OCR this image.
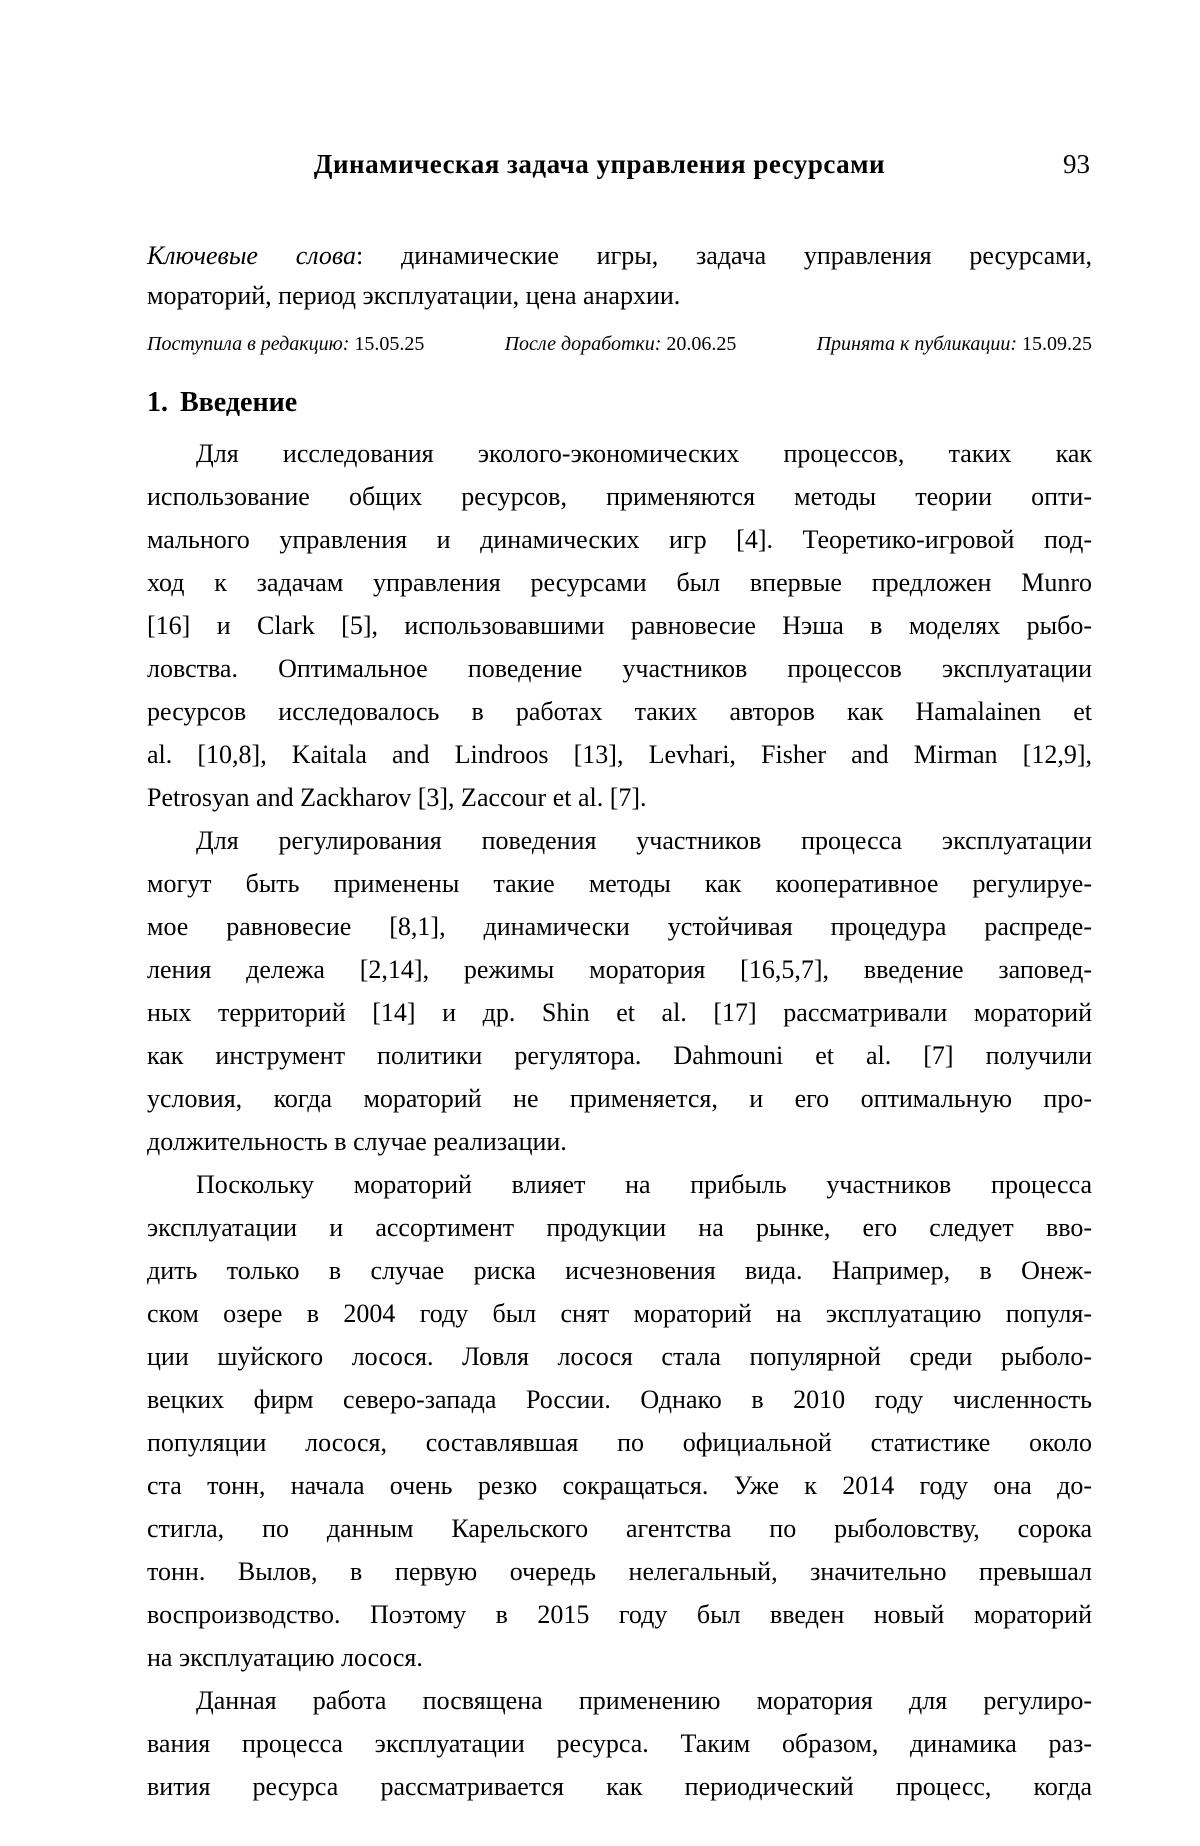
Динамическая задача управления ресурсами	93
Ключевые слова: динамические игры, задача управления ресурсами,
мораторий, период эксплуатации, цена анархии.
Поступила в редакцию: 15.05.25	После доработки: 20.06.25	Принята к публикации: 15.09.25
1. Введение
Для исследования эколого-экономических процессов, таких как
использование общих ресурсов, применяются методы теории опти-
мального управления и динамических игр [4]. Теоретико-игровой под-
ход к задачам управления ресурсами был впервые предложен Munro
[16] и Clark [5], использовавшими равновесие Нэша в моделях рыбо-
ловства. Оптимальное поведение участников процессов эксплуатации
ресурсов исследовалось в работах таких авторов как Hamalainen et
al. [10,8], Kaitala and Lindroos [13], Levhari, Fisher and Mirman [12,9],
Petrosyan and Zackharov [3], Zaccour et al. [7].
Для регулирования поведения участников процесса эксплуатации
могут быть применены такие методы как кооперативное регулируе-
мое равновесие [8,1], динамически устойчивая процедура распреде-
ления дележа [2,14], режимы моратория [16,5,7], введение заповед-
ных территорий [14] и др. Shin et al. [17] рассматривали мораторий
как инструмент политики регулятора. Dahmouni et al. [7] получили
условия, когда мораторий не применяется, и его оптимальную про-
должительность в случае реализации.
Поскольку мораторий влияет на прибыль участников процесса
эксплуатации и ассортимент продукции на рынке, его следует вво-
дить только в случае риска исчезновения вида. Например, в Онеж-
ском озере в 2004 году был снят мораторий на эксплуатацию популя-
ции шуйского лосося. Ловля лосося стала популярной среди рыболо-
вецких фирм северо-запада России. Однако в 2010 году численность
популяции лосося, составлявшая по официальной статистике около
ста тонн, начала очень резко сокращаться. Уже к 2014 году она до-
стигла, по данным Карельского агентства по рыболовству, сорока
тонн. Вылов, в первую очередь нелегальный, значительно превышал
воспроизводство. Поэтому в 2015 году был введен новый мораторий
на эксплуатацию лосося.
Данная работа посвящена применению моратория для регулиро-
вания процесса эксплуатации ресурса. Таким образом, динамика раз-
вития ресурса рассматривается как периодический процесс, когда
